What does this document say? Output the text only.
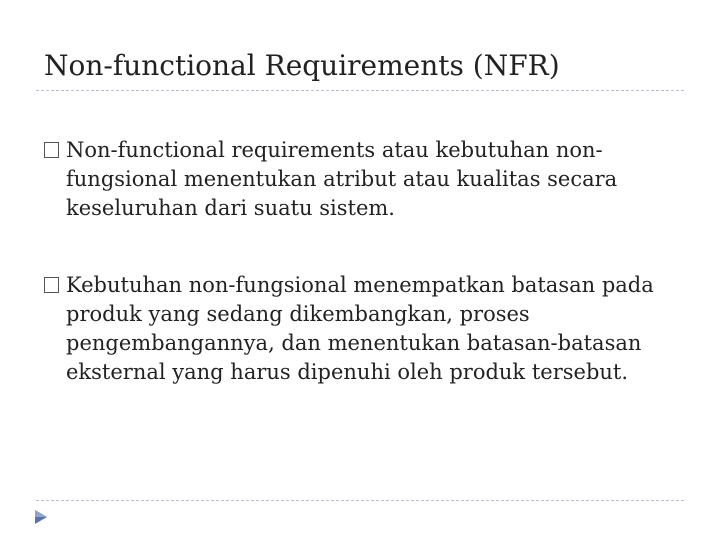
Non-functional Requirements (NFR)
Non-functional requirements atau kebutuhan non-fungsional menentukan atribut atau kualitas secara keseluruhan dari suatu sistem.
Kebutuhan non-fungsional menempatkan batasan pada produk yang sedang dikembangkan, proses pengembangannya, dan menentukan batasan-batasan eksternal yang harus dipenuhi oleh produk tersebut.
